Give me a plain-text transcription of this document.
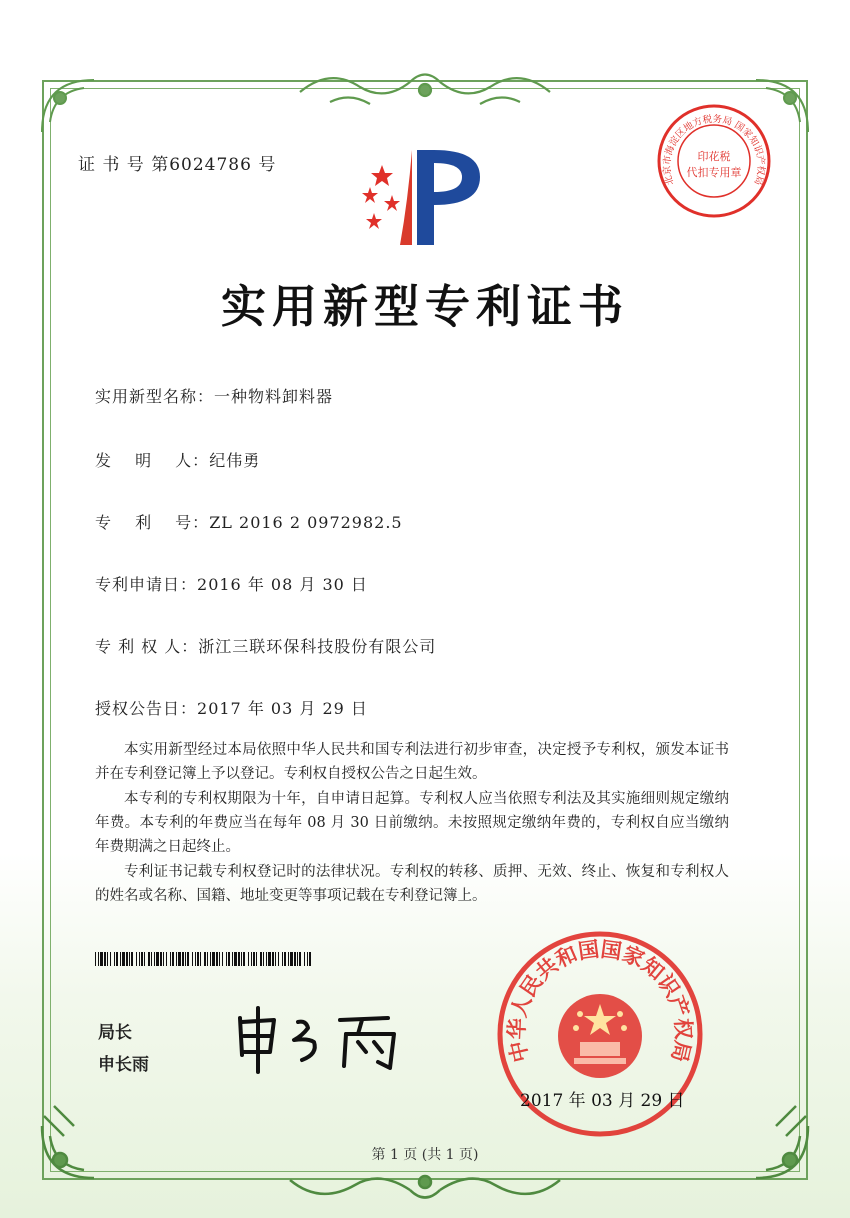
证 书 号 第6024786 号
实用新型专利证书
实用新型名称：一种物料卸料器
发　 明　 人：纪伟勇
专　 利　 号：ZL 2016 2 0972982.5
专利申请日：2016 年 08 月 30 日
专 利 权 人：浙江三联环保科技股份有限公司
授权公告日：2017 年 03 月 29 日

本实用新型经过本局依照中华人民共和国专利法进行初步审查，决定授予专利权，颁发本证书并在专利登记簿上予以登记。专利权自授权公告之日起生效。

本专利的专利权期限为十年，自申请日起算。专利权人应当依照专利法及其实施细则规定缴纳年费。本专利的年费应当在每年 08 月 30 日前缴纳。未按照规定缴纳年费的，专利权自应当缴纳年费期满之日起终止。

专利证书记载专利权登记时的法律状况。专利权的转移、质押、无效、终止、恢复和专利权人的姓名或名称、国籍、地址变更等事项记载在专利登记簿上。

局长
申长雨
中华人民共和国国家知识产权局
2017 年 03 月 29 日
北京市海淀区地方税务局 国家知识产权局
印花税
代扣专用章
第 1 页 (共 1 页)
